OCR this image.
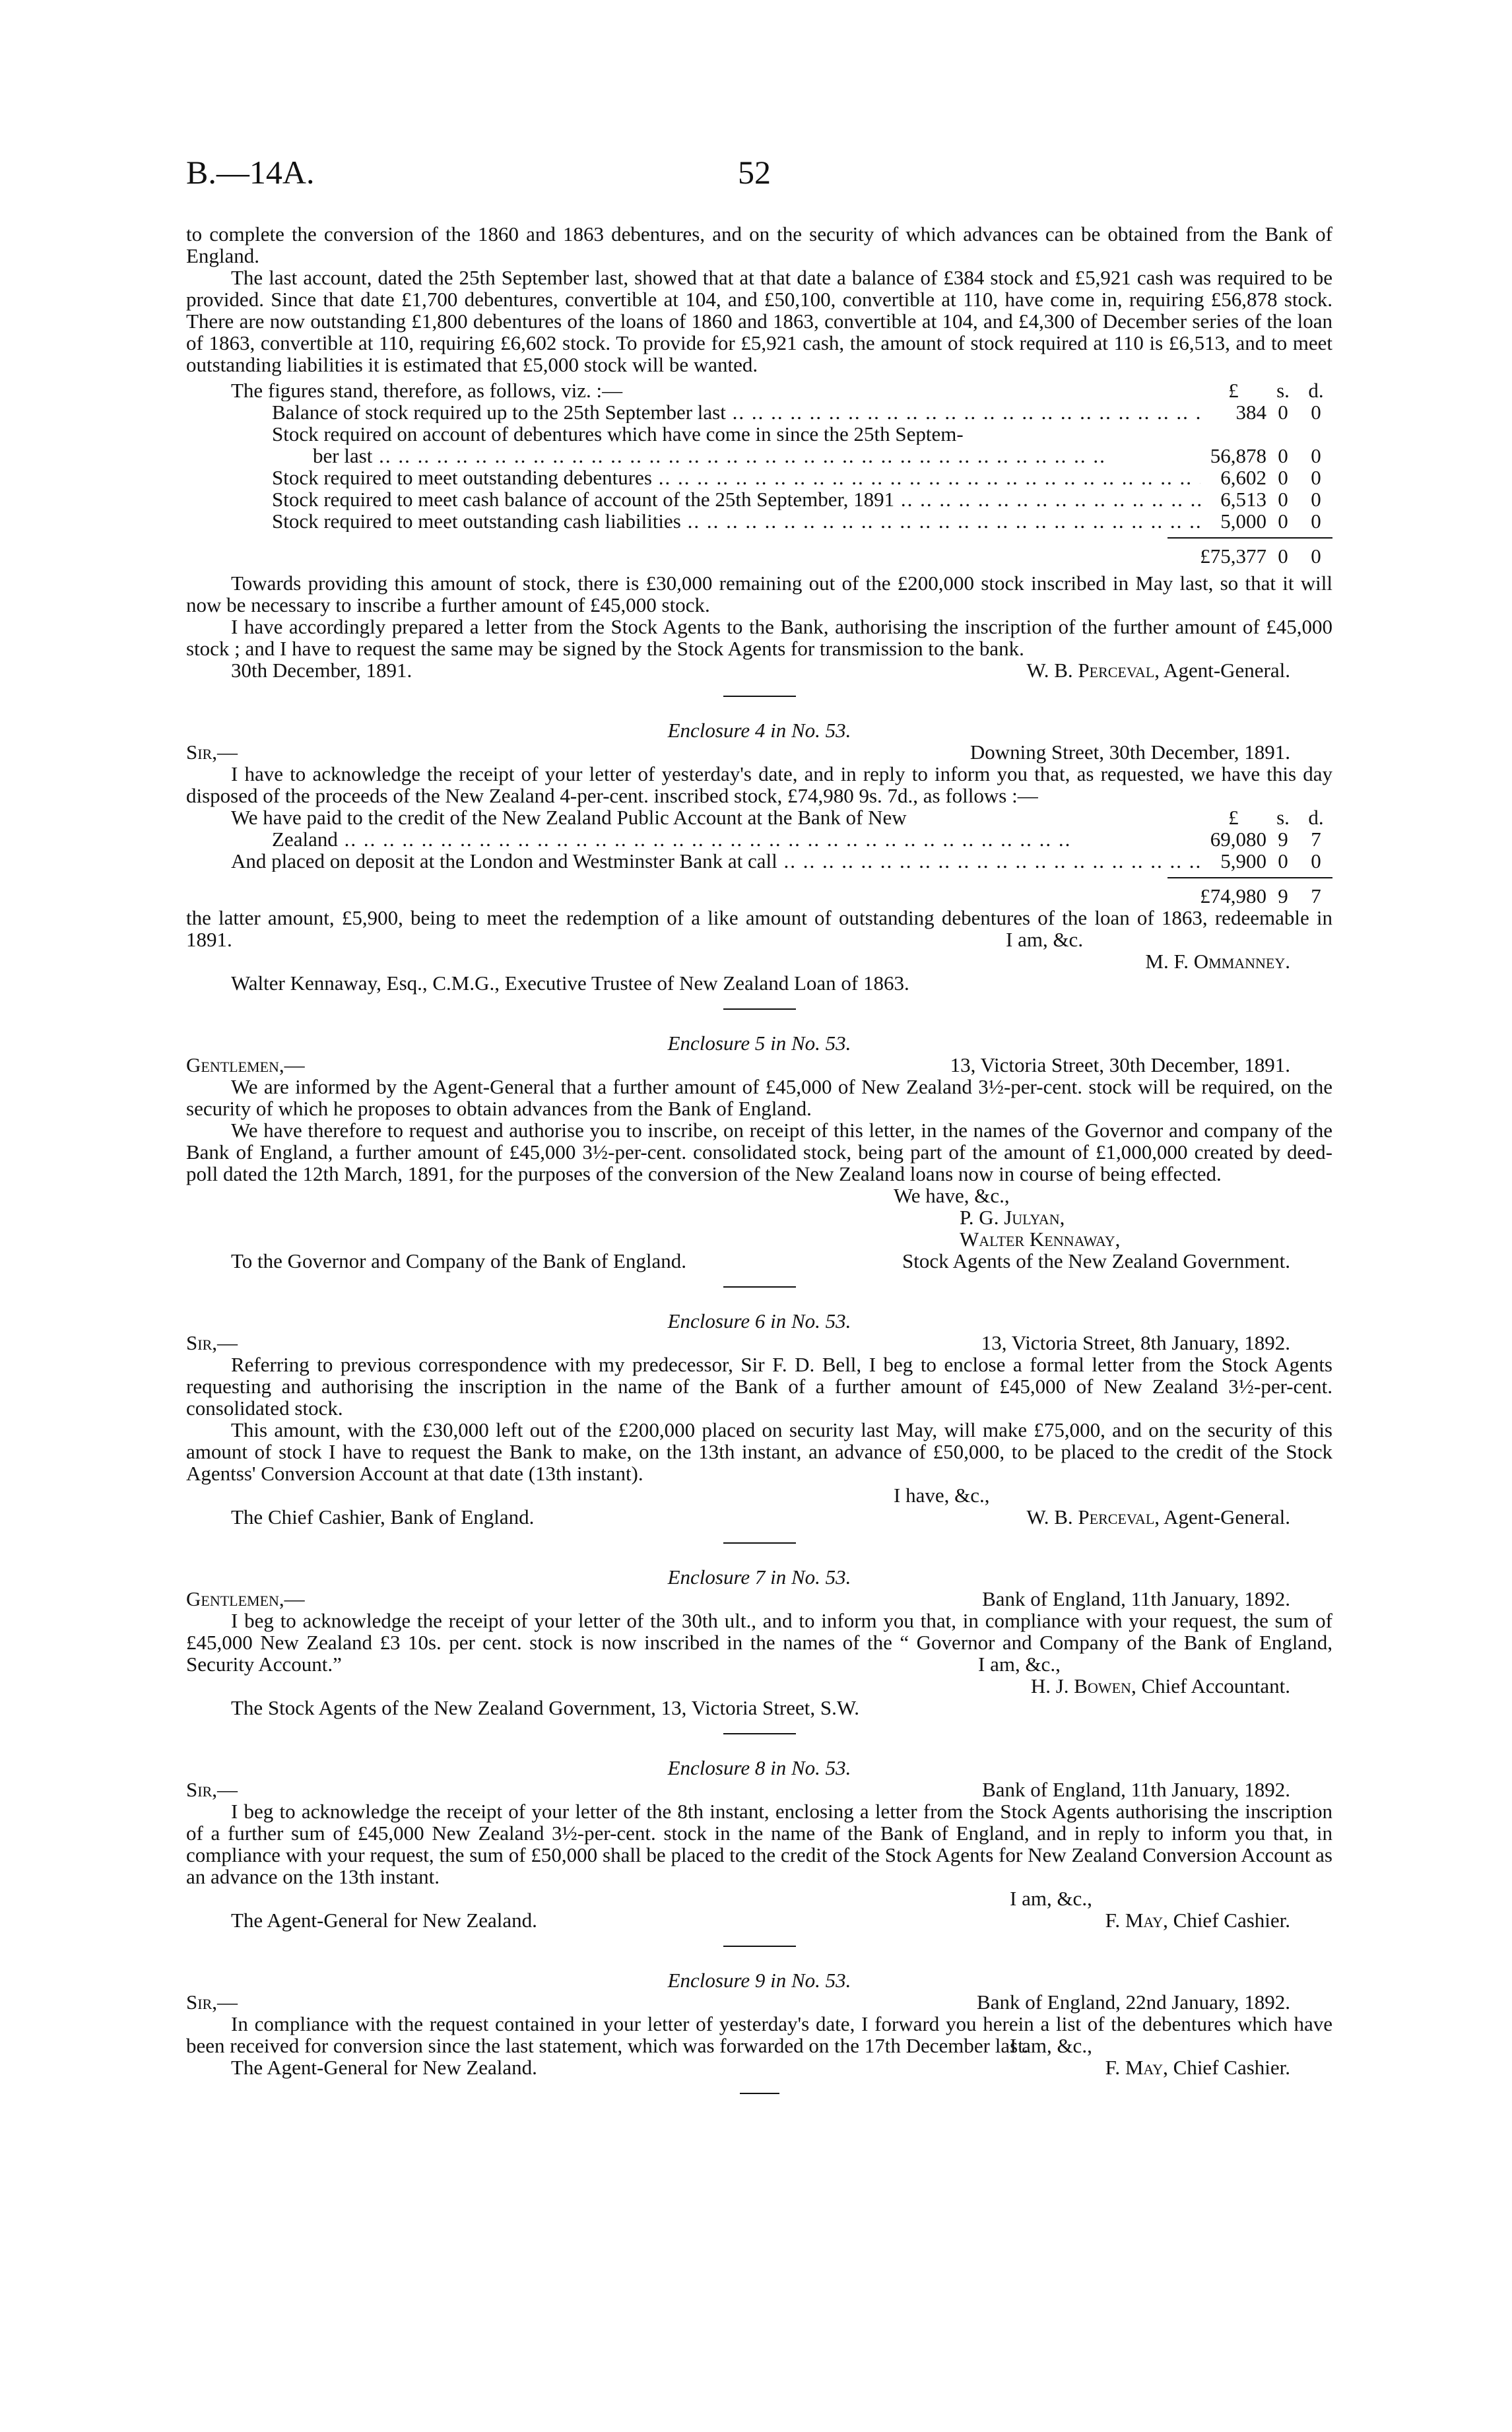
B.—14A.	52

to complete the conversion of the 1860 and 1863 debentures, and on the security of which advances can be obtained from the Bank of England.

The last account, dated the 25th September last, showed that at that date a balance of £384 stock and £5,921 cash was required to be provided. Since that date £1,700 debentures, convertible at 104, and £50,100, convertible at 110, have come in, requiring £56,878 stock. There are now outstanding £1,800 debentures of the loans of 1860 and 1863, convertible at 104, and £4,300 of December series of the loan of 1863, convertible at 110, requiring £6,602 stock. To provide for £5,921 cash, the amount of stock required at 110 is £6,513, and to meet outstanding liabilities it is estimated that £5,000 stock will be wanted.

The figures stand, therefore, as follows, viz. :—	£	s. d.
Balance of stock required up to the 25th September last .. ..	384 0	0
Stock required on account of debentures which have come in since the 25th Septem-
ber last .. ..	56,878 0	0
Stock required to meet outstanding debentures .. ..	6,602 0	0
Stock required to meet cash balance of account of the 25th September, 1891 .. ..	6,513 0	0
Stock required to meet outstanding cash liabilities .. ..	5,000 0	0
£75,377 0	0

Towards providing this amount of stock, there is £30,000 remaining out of the £200,000 stock inscribed in May last, so that it will now be necessary to inscribe a further amount of £45,000 stock.

I have accordingly prepared a letter from the Stock Agents to the Bank, authorising the inscription of the further amount of £45,000 stock ; and I have to request the same may be signed by the Stock Agents for transmission to the bank.

30th December, 1891.	W. B. Perceval, Agent-General.
Enclosure 4 in No. 53.
Sir,—	Downing Street, 30th December, 1891.

I have to acknowledge the receipt of your letter of yesterday's date, and in reply to inform you that, as requested, we have this day disposed of the proceeds of the New Zealand 4-per-cent. inscribed stock, £74,980 9s. 7d., as follows :—

We have paid to the credit of the New Zealand Public Account at the Bank of New	£	s. d.
Zealand .. ..	69,080 9	7
And placed on deposit at the London and Westminster Bank at call .. ..	5,900 0	0
£74,980 9	7

the latter amount, £5,900, being to meet the redemption of a like amount of outstanding debentures of the loan of 1863, redeemable in 1891.	I am, &c.
M. F. Ommanney.
Walter Kennaway, Esq., C.M.G., Executive Trustee of New Zealand Loan of 1863.
Enclosure 5 in No. 53.
Gentlemen,—	13, Victoria Street, 30th December, 1891.

We are informed by the Agent-General that a further amount of £45,000 of New Zealand 3½-per-cent. stock will be required, on the security of which he proposes to obtain advances from the Bank of England.

We have therefore to request and authorise you to inscribe, on receipt of this letter, in the names of the Governor and company of the Bank of England, a further amount of £45,000 3½-per-cent. consolidated stock, being part of the amount of £1,000,000 created by deed-poll dated the 12th March, 1891, for the purposes of the conversion of the New Zealand loans now in course of being effected.

We have, &c.,
P. G. Julyan,
Walter Kennaway,
To the Governor and Company of the Bank of England.	Stock Agents of the New Zealand Government.
Enclosure 6 in No. 53.
Sir,—	13, Victoria Street, 8th January, 1892.

Referring to previous correspondence with my predecessor, Sir F. D. Bell, I beg to enclose a formal letter from the Stock Agents requesting and authorising the inscription in the name of the Bank of a further amount of £45,000 of New Zealand 3½-per-cent. consolidated stock.

This amount, with the £30,000 left out of the £200,000 placed on security last May, will make £75,000, and on the security of this amount of stock I have to request the Bank to make, on the 13th instant, an advance of £50,000, to be placed to the credit of the Stock Agentss' Conversion Account at that date (13th instant).

I have, &c.,
The Chief Cashier, Bank of England.	W. B. Perceval, Agent-General.
Enclosure 7 in No. 53.
Gentlemen,—	Bank of England, 11th January, 1892.

I beg to acknowledge the receipt of your letter of the 30th ult., and to inform you that, in compliance with your request, the sum of £45,000 New Zealand £3 10s. per cent. stock is now inscribed in the names of the “ Governor and Company of the Bank of England, Security Account.”	I am, &c.,
H. J. Bowen, Chief Accountant.
The Stock Agents of the New Zealand Government, 13, Victoria Street, S.W.
Enclosure 8 in No. 53.
Sir,—	Bank of England, 11th January, 1892.

I beg to acknowledge the receipt of your letter of the 8th instant, enclosing a letter from the Stock Agents authorising the inscription of a further sum of £45,000 New Zealand 3½-per-cent. stock in the name of the Bank of England, and in reply to inform you that, in compliance with your request, the sum of £50,000 shall be placed to the credit of the Stock Agents for New Zealand Conversion Account as an advance on the 13th instant.

I am, &c.,
The Agent-General for New Zealand.	F. May, Chief Cashier.
Enclosure 9 in No. 53.
Sir,—	Bank of England, 22nd January, 1892.

In compliance with the request contained in your letter of yesterday's date, I forward you herein a list of the debentures which have been received for conversion since the last statement, which was forwarded on the 17th December last.

I am, &c.,
The Agent-General for New Zealand.	F. May, Chief Cashier.
